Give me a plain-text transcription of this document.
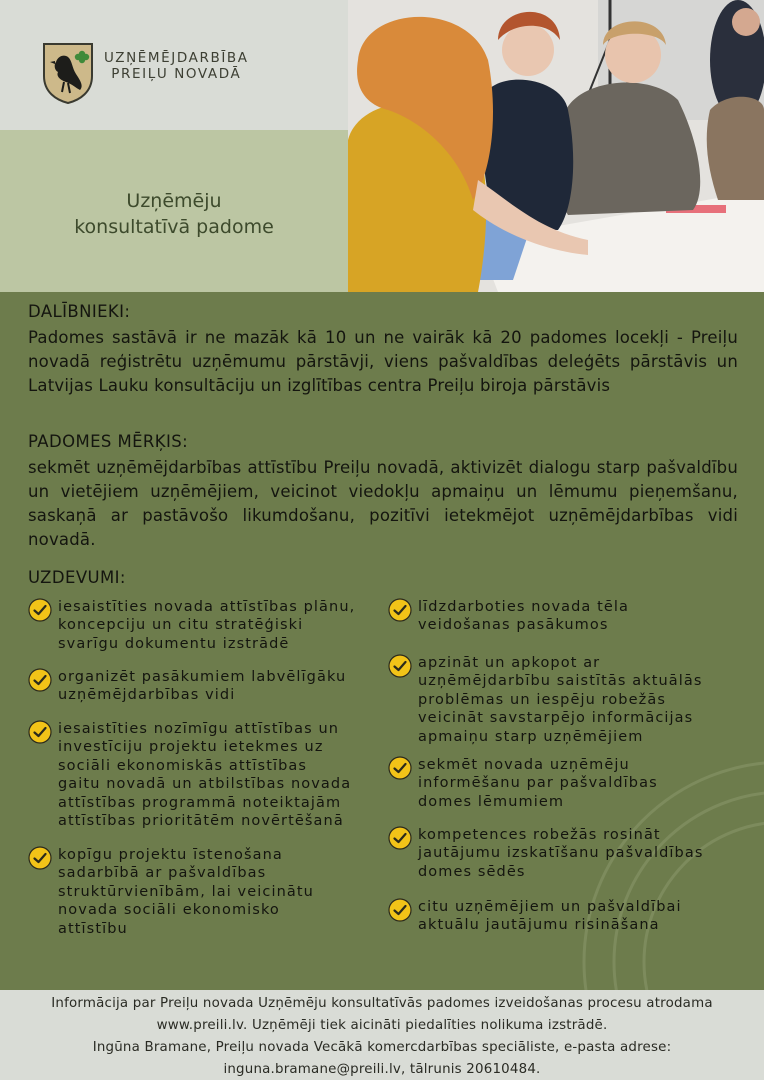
UZŅĒMĒJDARBĪBA
PREIĻU NOVADĀ
Uzņēmēju
konsultatīvā padome
DALĪBNIEKI:
Padomes sastāvā ir ne mazāk kā 10 un ne vairāk kā 20 padomes locekļi - Preiļu novadā reģistrētu uzņēmumu pārstāvji, viens pašvaldības deleģēts pārstāvis un Latvijas Lauku konsultāciju un izglītības centra Preiļu biroja pārstāvis
PADOMES MĒRĶIS:
sekmēt uzņēmējdarbības attīstību Preiļu novadā, aktivizēt dialogu starp pašvaldību un vietējiem uzņēmējiem, veicinot viedokļu apmaiņu un lēmumu pieņemšanu, saskaņā ar pastāvošo likumdošanu, pozitīvi ietekmējot uzņēmējdarbības vidi novadā.
UZDEVUMI:
iesaistīties novada attīstības plānu,
koncepciju un citu stratēģiski
svarīgu dokumentu izstrādē
organizēt pasākumiem labvēlīgāku
uzņēmējdarbības vidi
iesaistīties nozīmīgu attīstības un
investīciju projektu ietekmes uz
sociāli ekonomiskās attīstības
gaitu novadā un atbilstības novada
attīstības programmā noteiktajām
attīstības prioritātēm novērtēšanā
kopīgu projektu īstenošana
sadarbībā ar pašvaldības
struktūrvienībām, lai veicinātu
novada sociāli ekonomisko
attīstību
līdzdarboties novada tēla
veidošanas pasākumos
apzināt un apkopot ar
uzņēmējdarbību saistītās aktuālās
problēmas un iespēju robežās
veicināt savstarpējo informācijas
apmaiņu starp uzņēmējiem
sekmēt novada uzņēmēju
informēšanu par pašvaldības
domes lēmumiem
kompetences robežās rosināt
jautājumu izskatīšanu pašvaldības
domes sēdēs
citu uzņēmējiem un pašvaldībai
aktuālu jautājumu risināšana
Informācija par Preiļu novada Uzņēmēju konsultatīvās padomes izveidošanas procesu atrodama
www.preili.lv. Uzņēmēji tiek aicināti piedalīties nolikuma izstrādē.
Ingūna Bramane, Preiļu novada Vecākā komercdarbības speciāliste, e-pasta adrese:
inguna.bramane@preili.lv, tālrunis 20610484.
